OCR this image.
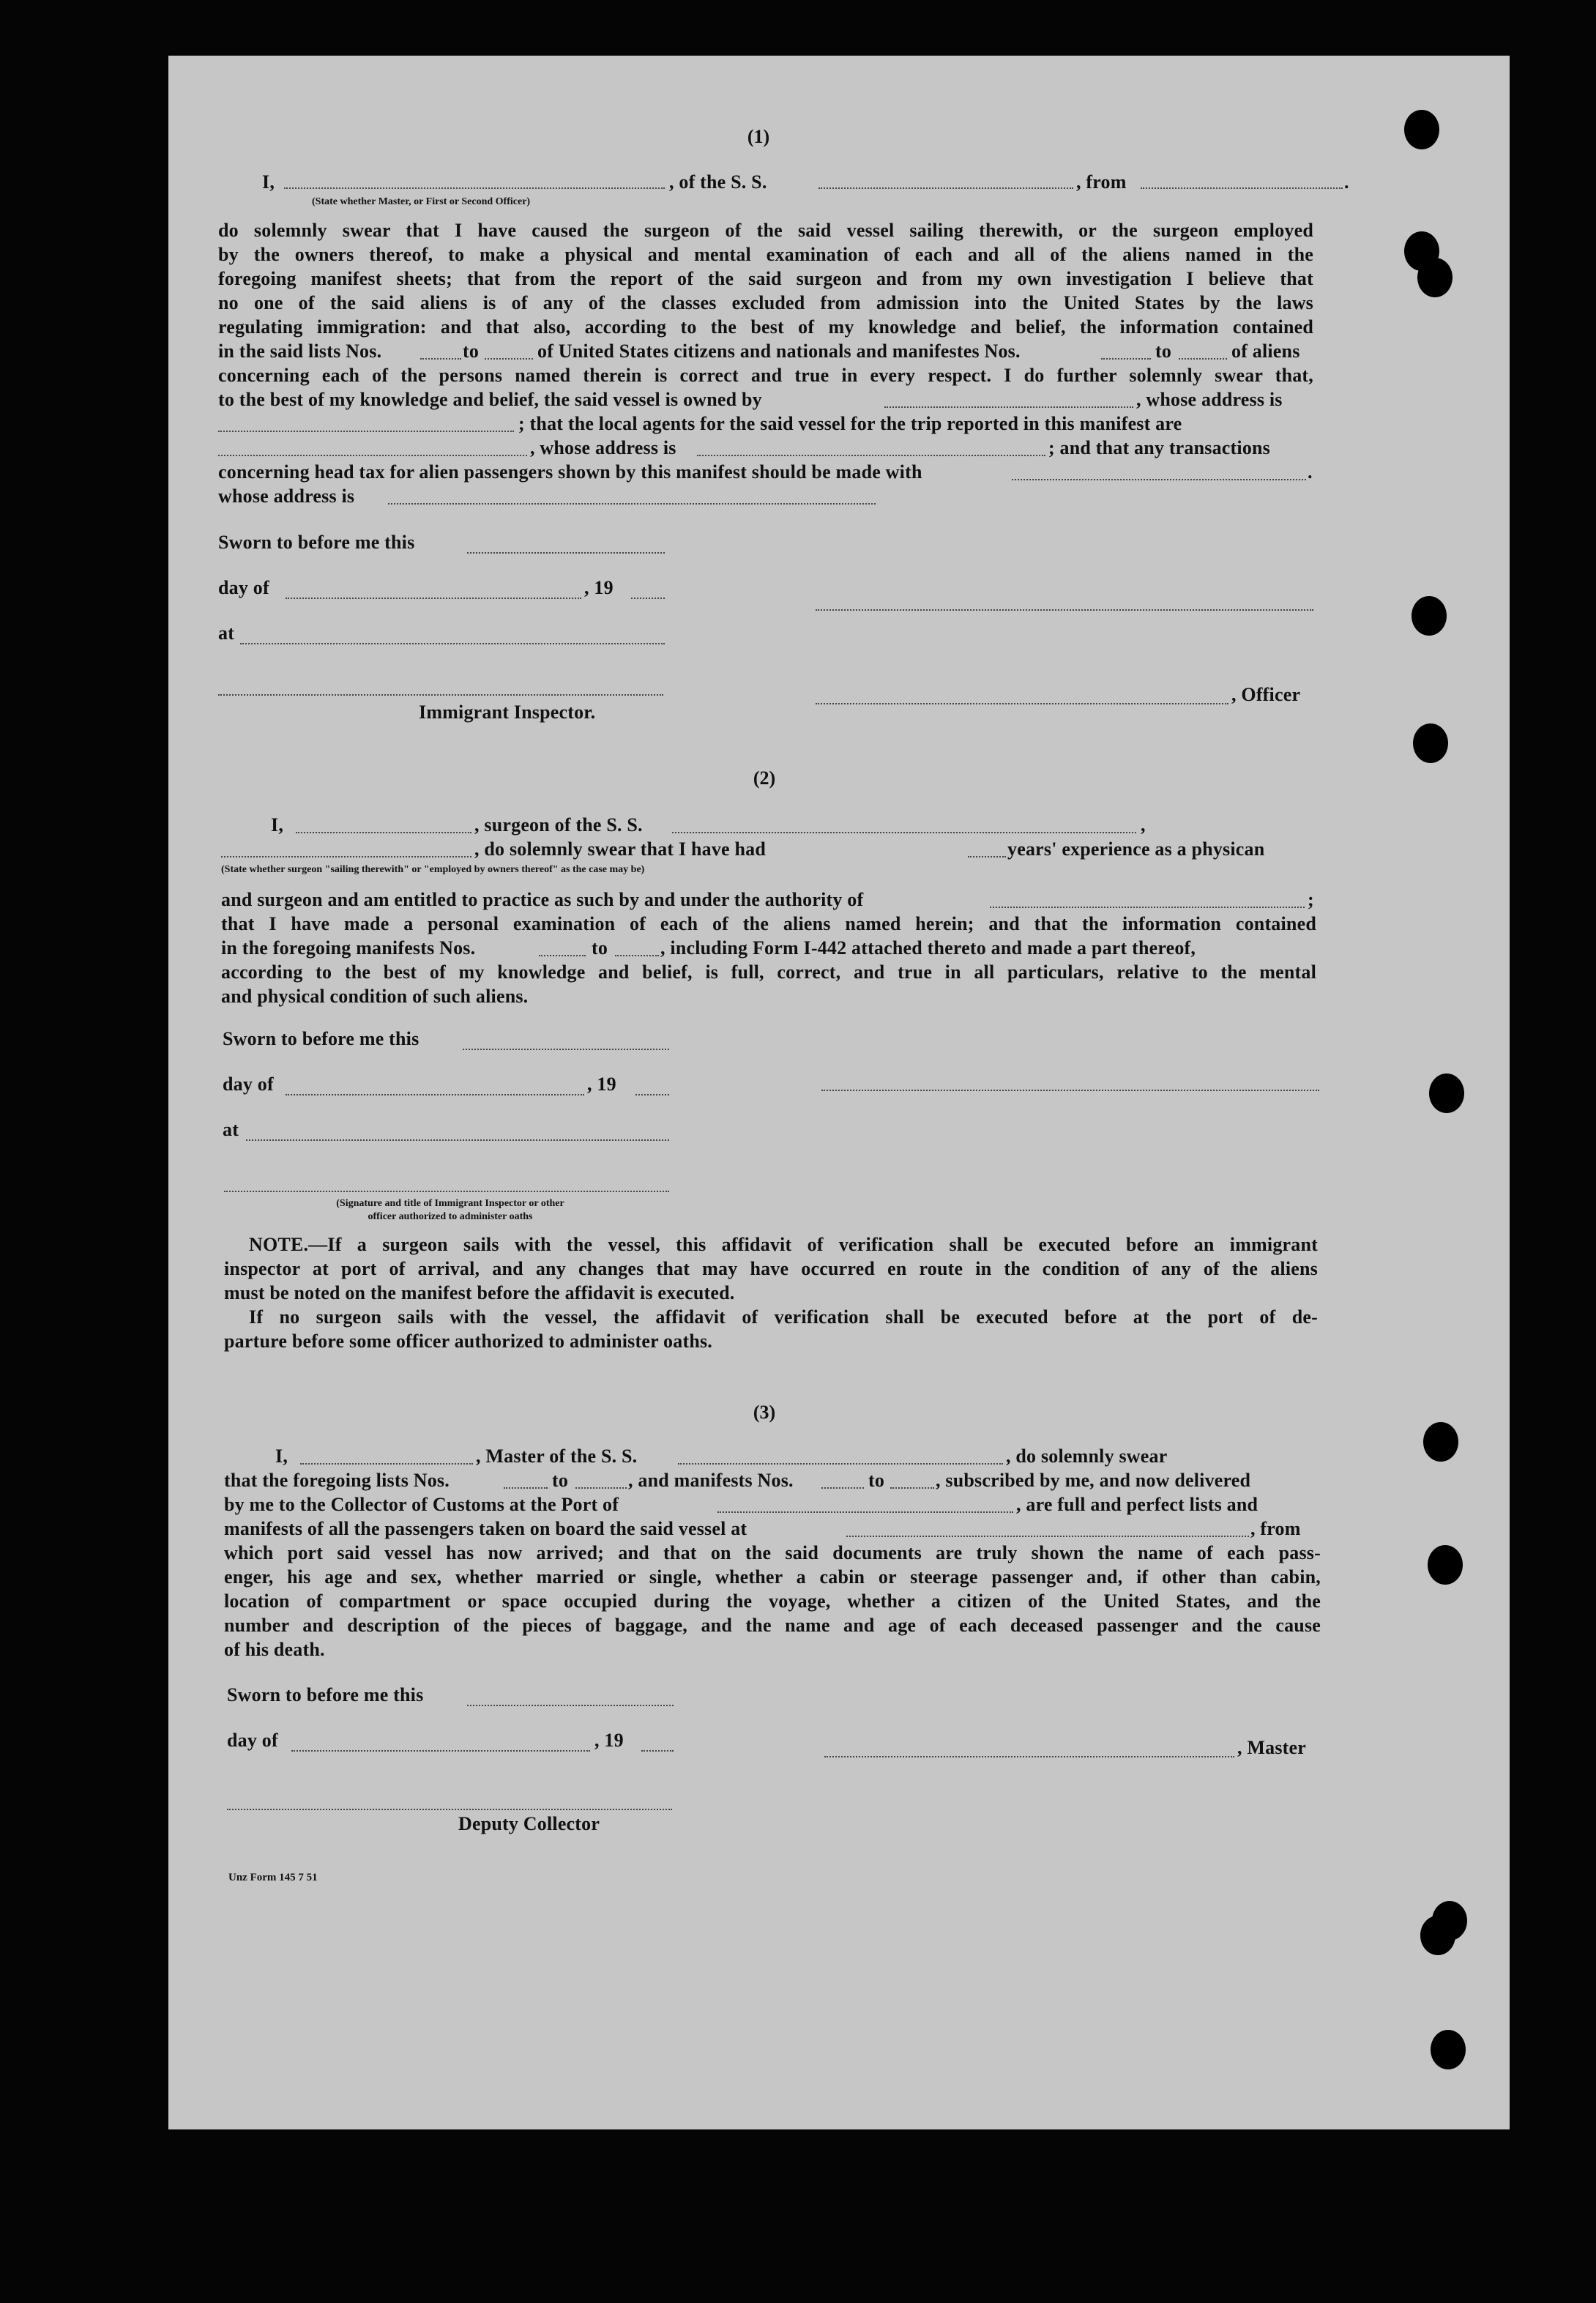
(1)
I,	, of the S. S.	, from	.
(State whether Master, or First or Second Officer)
do solemnly swear that I have caused the surgeon of the said vessel sailing therewith, or the surgeon employed
by the owners thereof, to make a physical and mental examination of each and all of the aliens named in the
foregoing manifest sheets; that from the report of the said surgeon and from my own investigation I believe that
no one of the said aliens is of any of the classes excluded from admission into the United States by the laws
regulating immigration: and that also, according to the best of my knowledge and belief, the information contained
in the said lists Nos.	to	of United States citizens and nationals and manifestes Nos.	to	of aliens
concerning each of the persons named therein is correct and true in every respect. I do further solemnly swear that,
to the best of my knowledge and belief, the said vessel is owned by	, whose address is
; that the local agents for the said vessel for the trip reported in this manifest are
, whose address is	; and that any transactions
concerning head tax for alien passengers shown by this manifest should be made with	.
whose address is
Sworn to before me this
day of	, 19
at
, Officer
Immigrant Inspector.
(2)
I,	, surgeon of the S. S.	,
, do solemnly swear that I have had	years' experience as a physican
(State whether surgeon "sailing therewith" or "employed by owners thereof" as the case may be)
and surgeon and am entitled to practice as such by and under the authority of	;
that I have made a personal examination of each of the aliens named herein; and that the information contained
in the foregoing manifests Nos.	to	, including Form I-442 attached thereto and made a part thereof,
according to the best of my knowledge and belief, is full, correct, and true in all particulars, relative to the mental
and physical condition of such aliens.
Sworn to before me this
day of	, 19
at
(Signature and title of Immigrant Inspector or other
officer authorized to administer oaths
NOTE.—If a surgeon sails with the vessel, this affidavit of verification shall be executed before an immigrant
inspector at port of arrival, and any changes that may have occurred en route in the condition of any of the aliens
must be noted on the manifest before the affidavit is executed.
If no surgeon sails with the vessel, the affidavit of verification shall be executed before at the port of de-
parture before some officer authorized to administer oaths.
(3)
I,	, Master of the S. S.	, do solemnly swear
that the foregoing lists Nos.	to	, and manifests Nos.	to	, subscribed by me, and now delivered
by me to the Collector of Customs at the Port of	, are full and perfect lists and
manifests of all the passengers taken on board the said vessel at	, from
which port said vessel has now arrived; and that on the said documents are truly shown the name of each pass-
enger, his age and sex, whether married or single, whether a cabin or steerage passenger and, if other than cabin,
location of compartment or space occupied during the voyage, whether a citizen of the United States, and the
number and description of the pieces of baggage, and the name and age of each deceased passenger and the cause
of his death.
Sworn to before me this
day of	, 19	, Master
Deputy Collector
Unz Form 145 7 51
